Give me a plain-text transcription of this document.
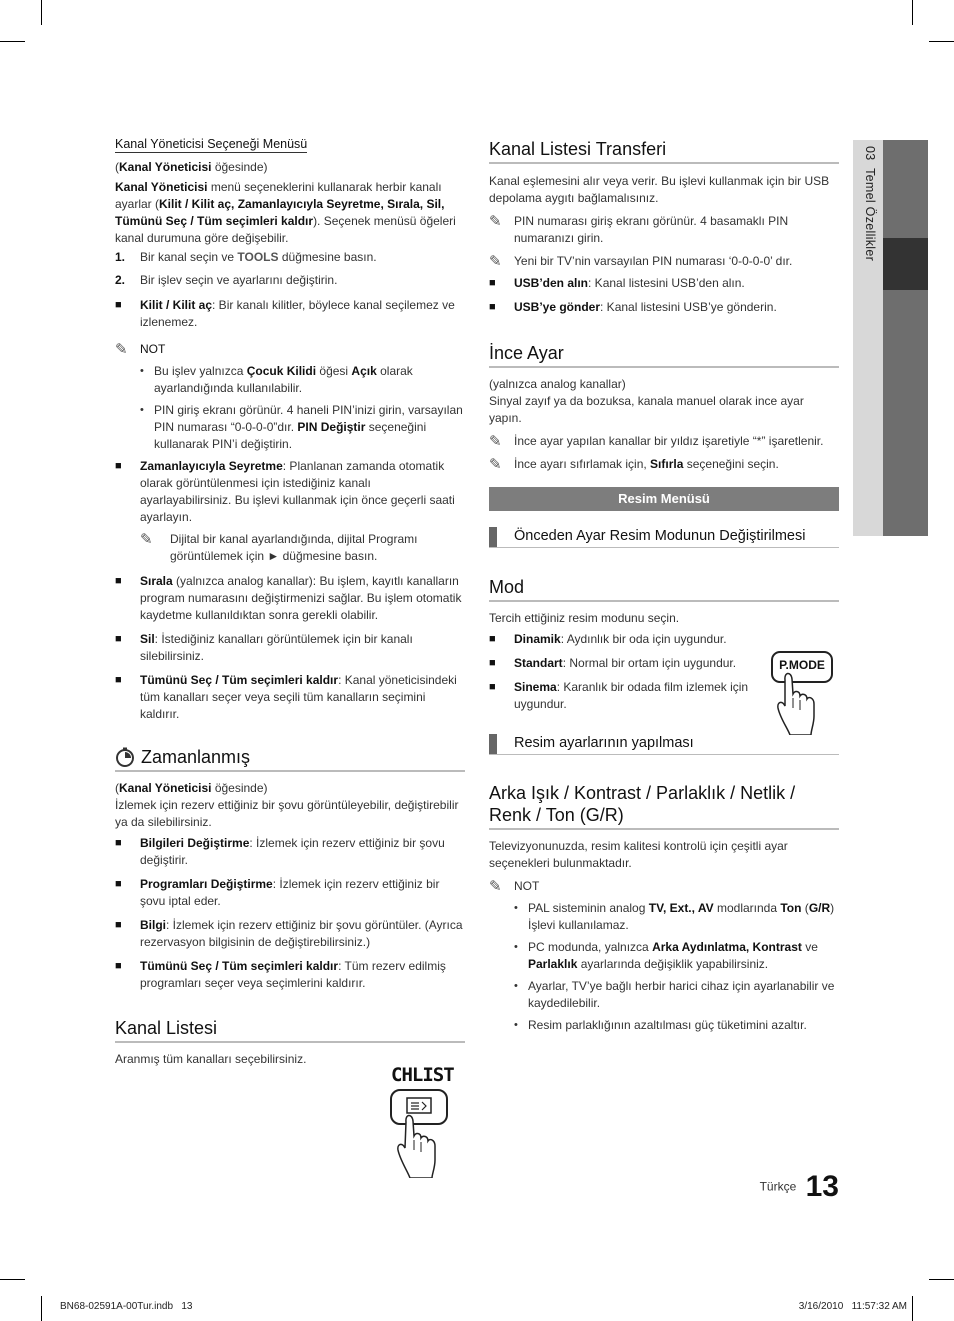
03  Temel Özellikler

Kanal Yöneticisi Seçeneği Menüsü

(Kanal Yöneticisi öğesinde)

Kanal Yöneticisi menü seçeneklerini kullanarak herbir kanalı ayarlar (Kilit / Kilit aç, Zamanlayıcıyla Seyretme, Sırala, Sil, Tümünü Seç / Tüm seçimleri kaldır). Seçenek menüsü öğeleri kanal durumuna göre değişebilir.

1.	Bir kanal seçin ve TOOLS düğmesine basın.
2.	Bir işlev seçin ve ayarlarını değiştirin.
■	Kilit / Kilit aç: Bir kanalı kilitler, böylece kanal seçilemez ve izlenemez.
✎	NOT
• Bu işlev yalnızca Çocuk Kilidi öğesi Açık olarak ayarlandığında kullanılabilir.
• PIN giriş ekranı görünür. 4 haneli PIN’inizi girin, varsayılan PIN numarası “0-0-0-0”dır. PIN Değiştir seçeneğini kullanarak PIN’i değiştirin.
■	Zamanlayıcıyla Seyretme: Planlanan zamanda otomatik olarak görüntülenmesi için istediğiniz kanalı ayarlayabilirsiniz. Bu işlevi kullanmak için önce geçerli saati ayarlayın.
✎	Dijital bir kanal ayarlandığında, dijital Programı görüntülemek için ► düğmesine basın.
■	Sırala (yalnızca analog kanallar): Bu işlem, kayıtlı kanalların program numarasını değiştirmenizi sağlar. Bu işlem otomatik kaydetme kullanıldıktan sonra gerekli olabilir.
■	Sil: İstediğiniz kanalları görüntülemek için bir kanalı silebilirsiniz.
■	Tümünü Seç / Tüm seçimleri kaldır: Kanal yöneticisindeki tüm kanalları seçer veya seçili tüm kanalların seçimini kaldırır.
Zamanlanmış

(Kanal Yöneticisi öğesinde)

İzlemek için rezerv ettiğiniz bir şovu görüntüleyebilir, değiştirebilir ya da silebilirsiniz.

■	Bilgileri Değiştirme: İzlemek için rezerv ettiğiniz bir şovu değiştirir.
■	Programları Değiştirme: İzlemek için rezerv ettiğiniz bir şovu iptal eder.
■	Bilgi: İzlemek için rezerv ettiğiniz bir şovu görüntüler. (Ayrıca rezervasyon bilgisinin de değiştirebilirsiniz.)
■	Tümünü Seç / Tüm seçimleri kaldır: Tüm rezerv edilmiş programları seçer veya seçimlerini kaldırır.
Kanal Listesi

Aranmış tüm kanalları seçebilirsiniz.

CHLIST
Kanal Listesi Transferi

Kanal eşlemesini alır veya verir. Bu işlevi kullanmak için bir USB depolama aygıtı bağlamalısınız.

✎	PIN numarası giriş ekranı görünür. 4 basamaklı PIN numaranızı girin.
✎	Yeni bir TV’nin varsayılan PIN numarası ‘0-0-0-0’ dır.
■	USB’den alın: Kanal listesini USB’den alın.
■	USB’ye gönder: Kanal listesini USB’ye gönderin.
İnce Ayar

(yalnızca analog kanallar)

Sinyal zayıf ya da bozuksa, kanala manuel olarak ince ayar yapın.

✎	İnce ayar yapılan kanallar bir yıldız işaretiyle “*” işaretlenir.
✎	İnce ayarı sıfırlamak için, Sıfırla seçeneğini seçin.
Resim Menüsü
Önceden Ayar Resim Modunun Değiştirilmesi
Mod

Tercih ettiğiniz resim modunu seçin.

■	Dinamik: Aydınlık bir oda için uygundur.
■	Standart: Normal bir ortam için uygundur.
■	Sinema: Karanlık bir odada film izlemek için uygundur.
Resim ayarlarının yapılması
Arka Işık / Kontrast / Parlaklık / Netlik / Renk / Ton (G/R)

Televizyonunuzda, resim kalitesi kontrolü için çeşitli ayar seçenekleri bulunmaktadır.

✎	NOT
• PAL sisteminin analog TV, Ext., AV modlarında Ton (G/R) İşlevi kullanılamaz.
• PC modunda, yalnızca Arka Aydınlatma, Kontrast ve Parlaklık ayarlarında değişiklik yapabilirsiniz.
• Ayarlar, TV’ye bağlı herbir harici cihaz için ayarlanabilir ve kaydedilebilir.
• Resim parlaklığının azaltılması güç tüketimini azaltır.
P.MODE
Türkçe 13
BN68-02591A-00Tur.indb   13	3/16/2010   11:57:32 AM
